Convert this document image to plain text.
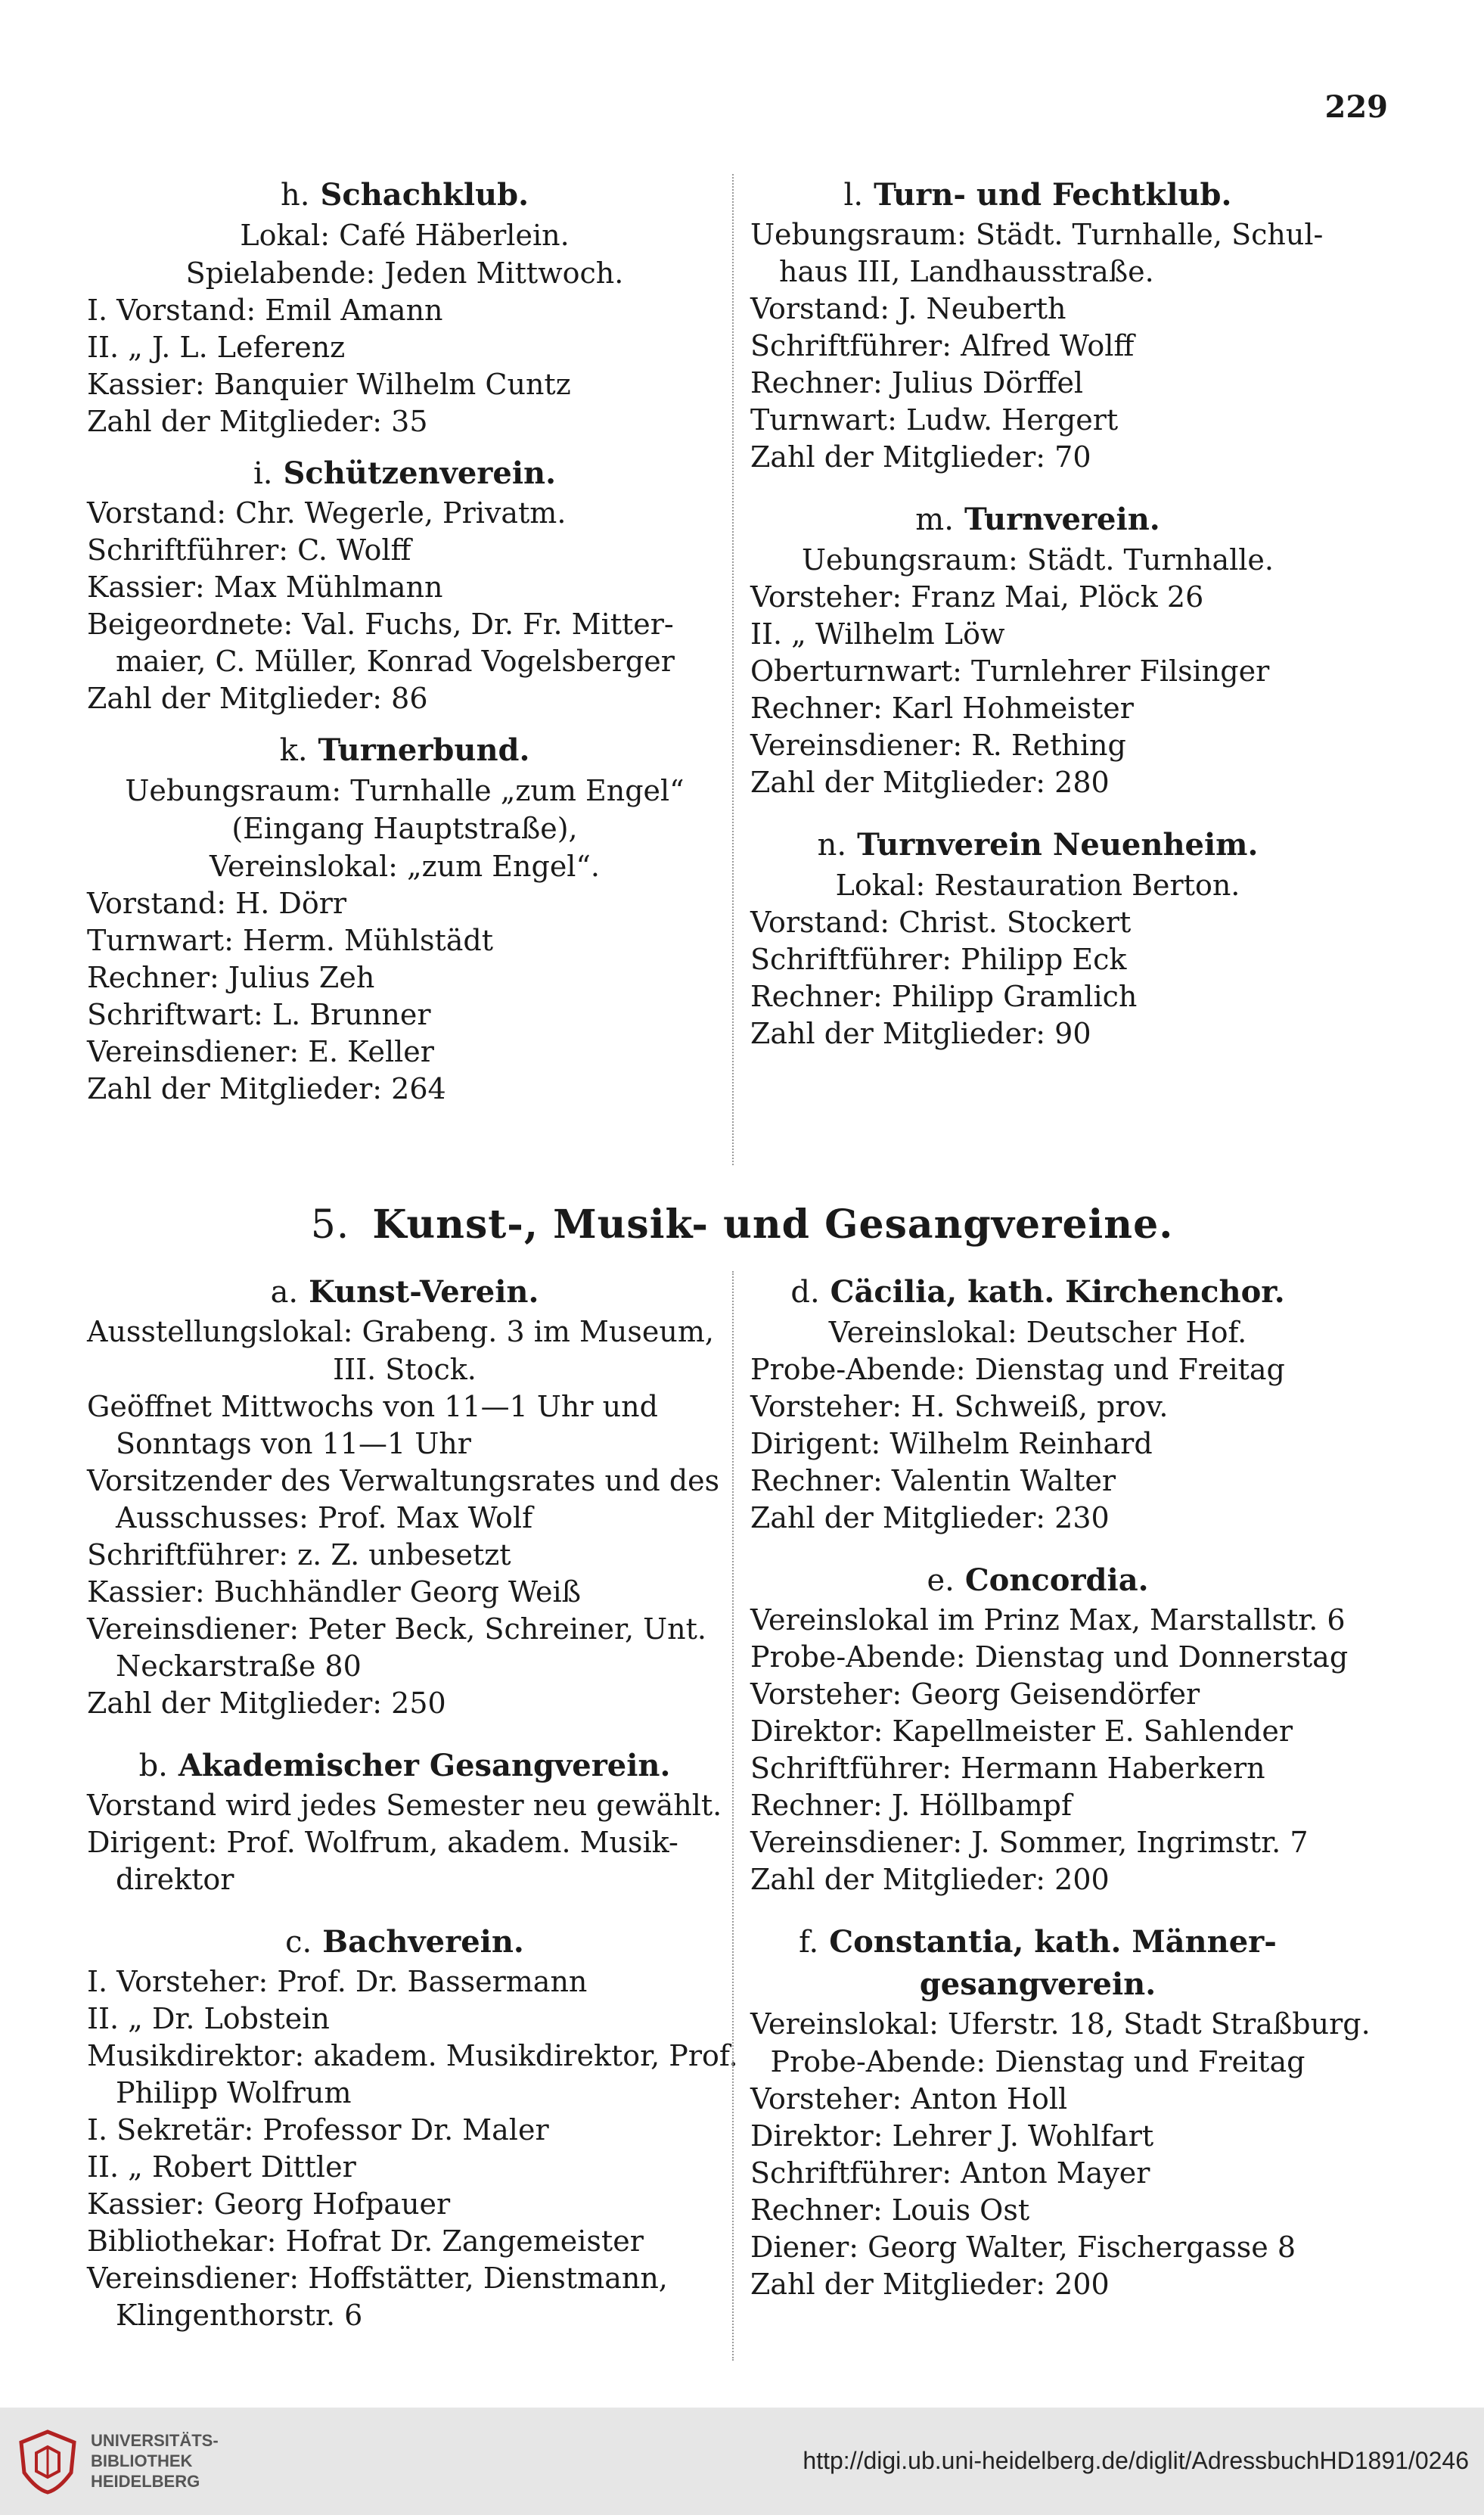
229
h. Schachklub.
Lokal: Café Häberlein.
Spielabende: Jeden Mittwoch.
I. Vorstand: Emil Amann
II. „ J. L. Leferenz
Kassier: Banquier Wilhelm Cuntz
Zahl der Mitglieder: 35
i. Schützenverein.
Vorstand: Chr. Wegerle, Privatm.
Schriftführer: C. Wolff
Kassier: Max Mühlmann
Beigeordnete: Val. Fuchs, Dr. Fr. Mitter-
maier, C. Müller, Konrad Vogelsberger
Zahl der Mitglieder: 86
k. Turnerbund.
Uebungsraum: Turnhalle „zum Engel“
(Eingang Hauptstraße),
Vereinslokal: „zum Engel“.
Vorstand: H. Dörr
Turnwart: Herm. Mühlstädt
Rechner: Julius Zeh
Schriftwart: L. Brunner
Vereinsdiener: E. Keller
Zahl der Mitglieder: 264
l. Turn- und Fechtklub.
Uebungsraum: Städt. Turnhalle, Schul-
haus III, Landhausstraße.
Vorstand: J. Neuberth
Schriftführer: Alfred Wolff
Rechner: Julius Dörffel
Turnwart: Ludw. Hergert
Zahl der Mitglieder: 70
m. Turnverein.
Uebungsraum: Städt. Turnhalle.
Vorsteher: Franz Mai, Plöck 26
II. „ Wilhelm Löw
Oberturnwart: Turnlehrer Filsinger
Rechner: Karl Hohmeister
Vereinsdiener: R. Rething
Zahl der Mitglieder: 280
n. Turnverein Neuenheim.
Lokal: Restauration Berton.
Vorstand: Christ. Stockert
Schriftführer: Philipp Eck
Rechner: Philipp Gramlich
Zahl der Mitglieder: 90
5. Kunst-, Musik- und Gesangvereine.
a. Kunst-Verein.
Ausstellungslokal: Grabeng. 3 im Museum,
III. Stock.
Geöffnet Mittwochs von 11—1 Uhr und
Sonntags von 11—1 Uhr
Vorsitzender des Verwaltungsrates und des
Ausschusses: Prof. Max Wolf
Schriftführer: z. Z. unbesetzt
Kassier: Buchhändler Georg Weiß
Vereinsdiener: Peter Beck, Schreiner, Unt.
Neckarstraße 80
Zahl der Mitglieder: 250
b. Akademischer Gesangverein.
Vorstand wird jedes Semester neu gewählt.
Dirigent: Prof. Wolfrum, akadem. Musik-
direktor
c. Bachverein.
I. Vorsteher: Prof. Dr. Bassermann
II. „ Dr. Lobstein
Musikdirektor: akadem. Musikdirektor, Prof.
Philipp Wolfrum
I. Sekretär: Professor Dr. Maler
II. „ Robert Dittler
Kassier: Georg Hofpauer
Bibliothekar: Hofrat Dr. Zangemeister
Vereinsdiener: Hoffstätter, Dienstmann,
Klingenthorstr. 6
d. Cäcilia, kath. Kirchenchor.
Vereinslokal: Deutscher Hof.
Probe-Abende: Dienstag und Freitag
Vorsteher: H. Schweiß, prov.
Dirigent: Wilhelm Reinhard
Rechner: Valentin Walter
Zahl der Mitglieder: 230
e. Concordia.
Vereinslokal im Prinz Max, Marstallstr. 6
Probe-Abende: Dienstag und Donnerstag
Vorsteher: Georg Geisendörfer
Direktor: Kapellmeister E. Sahlender
Schriftführer: Hermann Haberkern
Rechner: J. Höllbampf
Vereinsdiener: J. Sommer, Ingrimstr. 7
Zahl der Mitglieder: 200
f. Constantia, kath. Männer-
gesangverein.
Vereinslokal: Uferstr. 18, Stadt Straßburg.
Probe-Abende: Dienstag und Freitag
Vorsteher: Anton Holl
Direktor: Lehrer J. Wohlfart
Schriftführer: Anton Mayer
Rechner: Louis Ost
Diener: Georg Walter, Fischergasse 8
Zahl der Mitglieder: 200
UNIVERSITÄTS-
BIBLIOTHEK
HEIDELBERG
http://digi.ub.uni-heidelberg.de/diglit/AdressbuchHD1891/0246
